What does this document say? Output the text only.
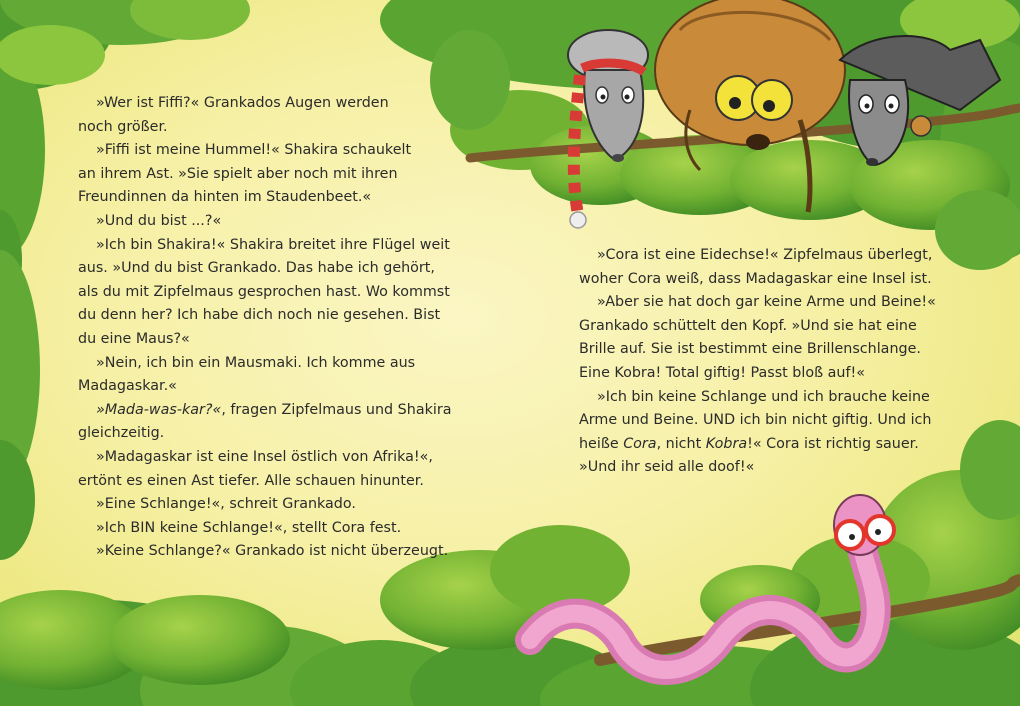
»Wer ist Fiffi?« Grankados Augen werden
noch größer.
»Fiffi ist meine Hummel!« Shakira schaukelt
an ihrem Ast. »Sie spielt aber noch mit ihren
Freundinnen da hinten im Staudenbeet.«
»Und du bist ...?«
»Ich bin Shakira!« Shakira breitet ihre Flügel weit
aus. »Und du bist Grankado. Das habe ich gehört,
als du mit Zipfelmaus gesprochen hast. Wo kommst
du denn her? Ich habe dich noch nie gesehen. Bist
du eine Maus?«
»Nein, ich bin ein Mausmaki. Ich komme aus
Madagaskar.«
»Mada-was-kar?«, fragen Zipfelmaus und Shakira
gleichzeitig.
»Madagaskar ist eine Insel östlich von Afrika!«,
ertönt es einen Ast tiefer. Alle schauen hinunter.
»Eine Schlange!«, schreit Grankado.
»Ich BIN keine Schlange!«, stellt Cora fest.
»Keine Schlange?« Grankado ist nicht überzeugt.
»Cora ist eine Eidechse!« Zipfelmaus überlegt,
woher Cora weiß, dass Madagaskar eine Insel ist.
»Aber sie hat doch gar keine Arme und Beine!«
Grankado schüttelt den Kopf. »Und sie hat eine
Brille auf. Sie ist bestimmt eine Brillenschlange.
Eine Kobra! Total giftig! Passt bloß auf!«
»Ich bin keine Schlange und ich brauche keine
Arme und Beine. UND ich bin nicht giftig. Und ich
heiße Cora, nicht Kobra!« Cora ist richtig sauer.
»Und ihr seid alle doof!«
